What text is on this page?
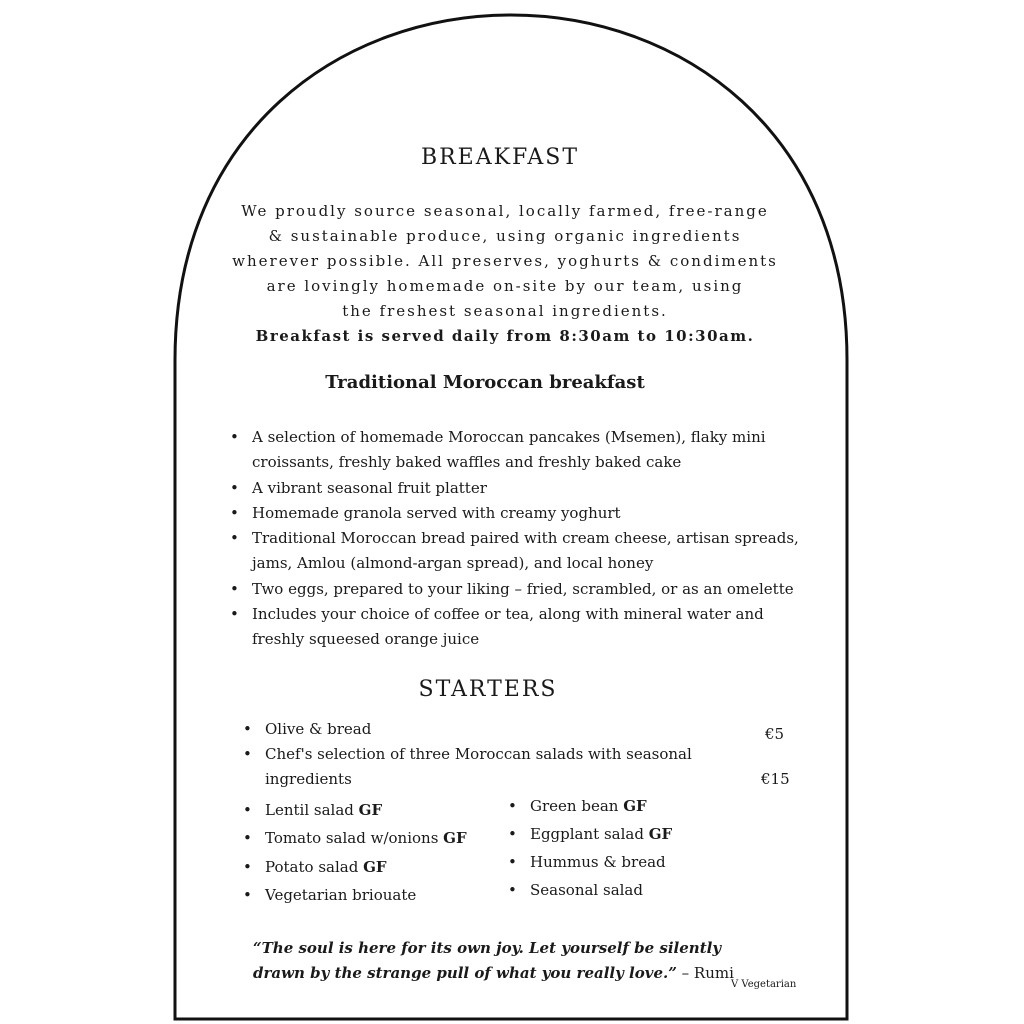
BREAKFAST
We proudly source seasonal, locally farmed, free-range
& sustainable produce, using organic ingredients
wherever possible. All preserves, yoghurts & condiments
are lovingly homemade on-site by our team, using
the freshest seasonal ingredients.
Breakfast is served daily from 8:30am to 10:30am.
Traditional Moroccan breakfast
• A selection of homemade Moroccan pancakes (Msemen), flaky mini croissants, freshly baked waffles and freshly baked cake
• A vibrant seasonal fruit platter
• Homemade granola served with creamy yoghurt
• Traditional Moroccan bread paired with cream cheese, artisan spreads, jams, Amlou (almond-argan spread), and local honey
• Two eggs, prepared to your liking – fried, scrambled, or as an omelette
• Includes your choice of coffee or tea, along with mineral water and freshly squeesed orange juice
STARTERS
• Olive & bread	€5
• Chef's selection of three Moroccan salads with seasonal ingredients	€15
• Lentil salad GF
• Tomato salad w/onions GF
• Potato salad GF
• Vegetarian briouate
• Green bean GF
• Eggplant salad GF
• Hummus & bread
• Seasonal salad
“The soul is here for its own joy. Let yourself be silently drawn by the strange pull of what you really love.” – Rumi
V Vegetarian
